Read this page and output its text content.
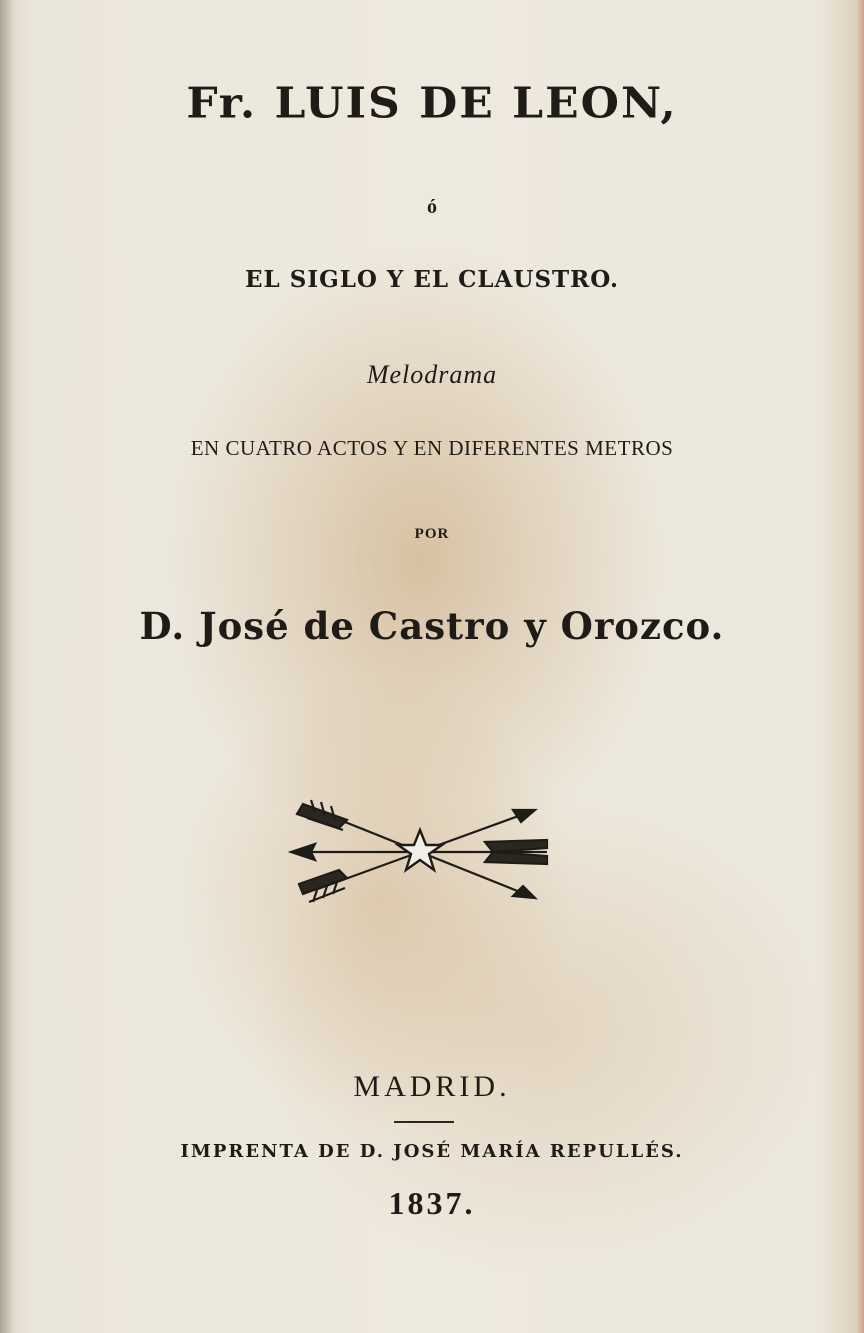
Fr. LUIS DE LEON,
ó
EL SIGLO Y EL CLAUSTRO.
Melodrama
EN CUATRO ACTOS Y EN DIFERENTES METROS
POR
D. José de Castro y Orozco.
MADRID.
IMPRENTA DE D. JOSÉ MARÍA REPULLÉS.
1837.
